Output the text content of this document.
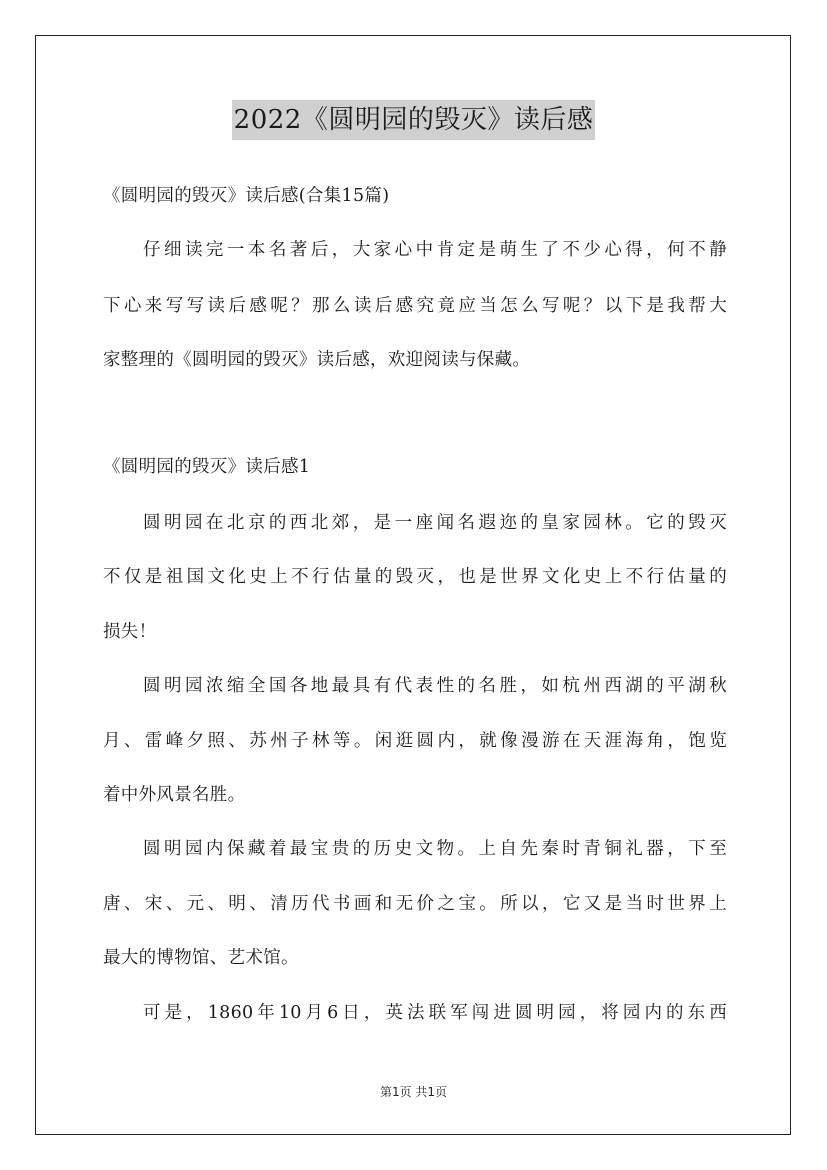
2022《圆明园的毁灭》读后感
《圆明园的毁灭》读后感(合集15篇)
仔细读完一本名著后，大家心中肯定是萌生了不少心得，何不静
下心来写写读后感呢？那么读后感究竟应当怎么写呢？以下是我帮大
家整理的《圆明园的毁灭》读后感，欢迎阅读与保藏。
《圆明园的毁灭》读后感1
圆明园在北京的西北郊，是一座闻名遐迩的皇家园林。它的毁灭
不仅是祖国文化史上不行估量的毁灭，也是世界文化史上不行估量的
损失！
圆明园浓缩全国各地最具有代表性的名胜，如杭州西湖的平湖秋
月、雷峰夕照、苏州子林等。闲逛圆内，就像漫游在天涯海角，饱览
着中外风景名胜。
圆明园内保藏着最宝贵的历史文物。上自先秦时青铜礼器，下至
唐、宋、元、明、清历代书画和无价之宝。所以，它又是当时世界上
最大的博物馆、艺术馆。
可是，1860年10月6日，英法联军闯进圆明园，将园内的东西
第1页 共1页
